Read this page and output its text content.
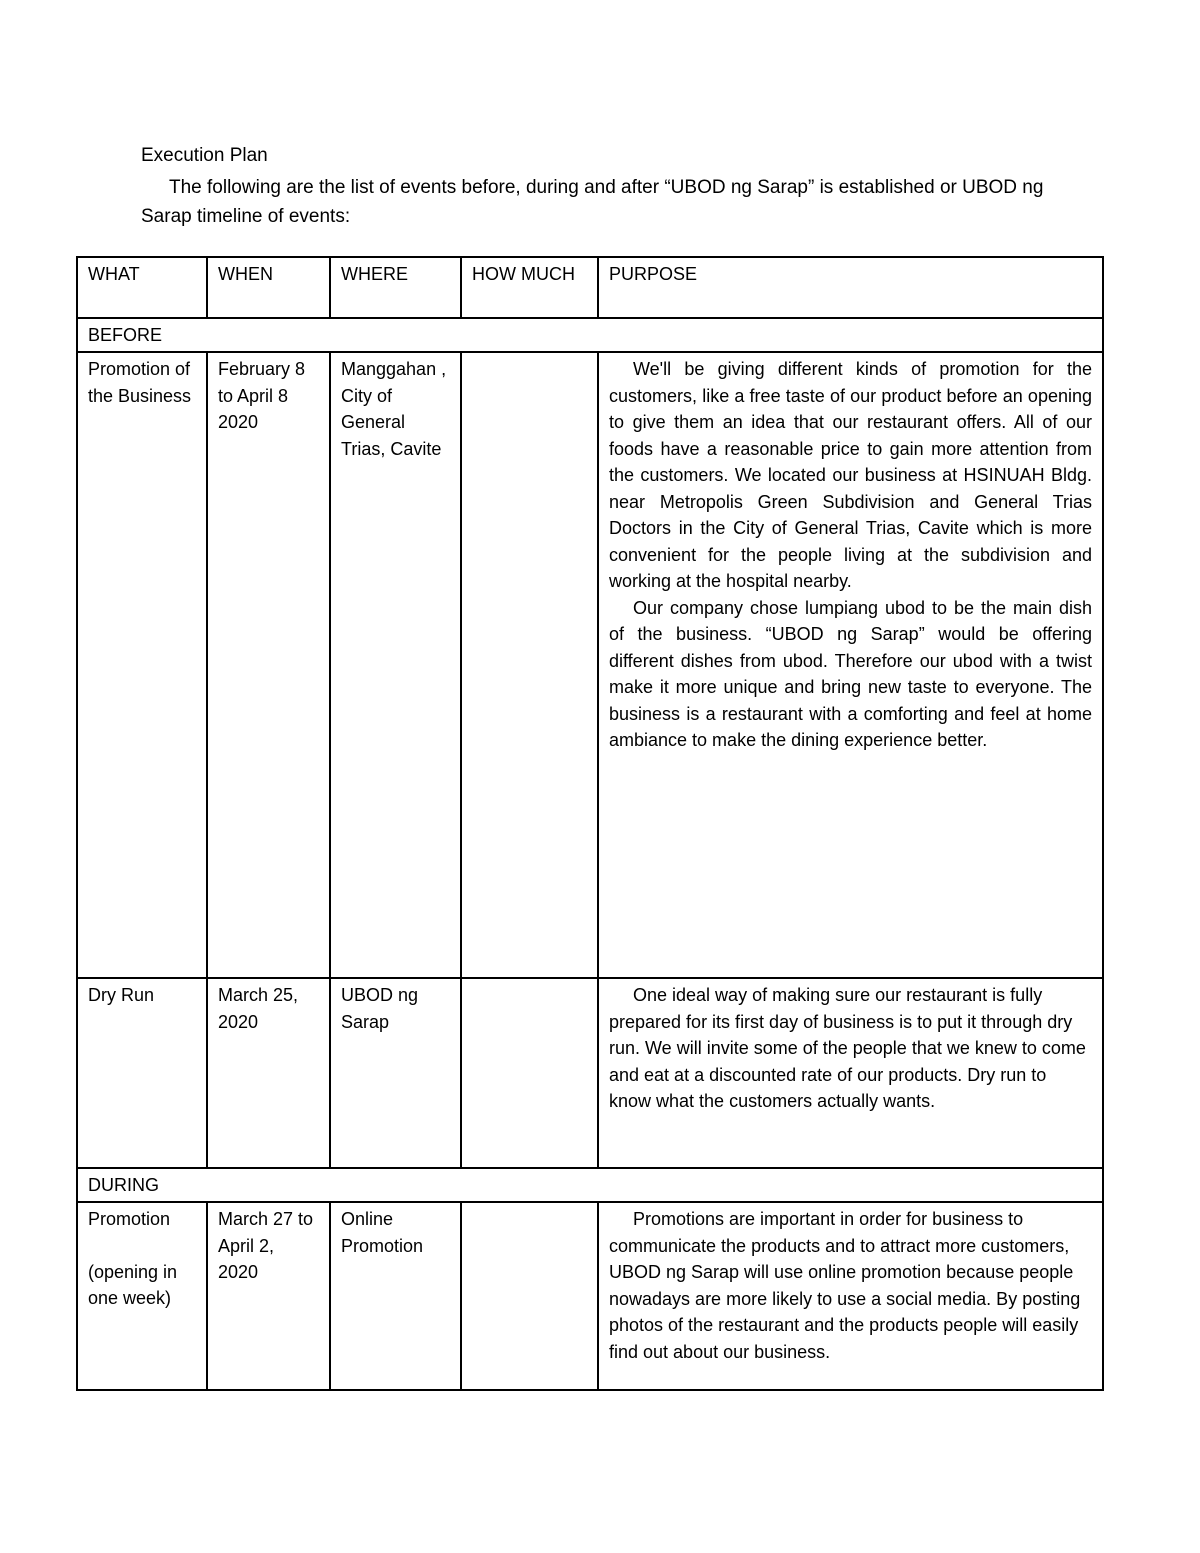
Execution Plan
The following are the list of events before, during and after “UBOD ng Sarap” is established or UBOD ng Sarap timeline of events:
WHAT	WHEN	WHERE	HOW MUCH	PURPOSE
BEFORE				
Promotion of the Business	February 8 to April 8 2020	Manggahan , City of General Trias, Cavite		We'll be giving different kinds of promotion for the customers, like a free taste of our product before an opening to give them an idea that our restaurant offers. All of our foods have a reasonable price to gain more attention from the customers. We located our business at HSINUAH Bldg. near Metropolis Green Subdivision and General Trias Doctors in the City of General Trias, Cavite which is more convenient for the people living at the subdivision and working at the hospital nearby.
Our company chose lumpiang ubod to be the main dish of the business. “UBOD ng Sarap” would be offering different dishes from ubod. Therefore our ubod with a twist make it more unique and bring new taste to everyone. The business is a restaurant with a comforting and feel at home ambiance to make the dining experience better.

Dry Run	March 25, 2020	UBOD ng Sarap		One ideal way of making sure our restaurant is fully prepared for its first day of business is to put it through dry run. We will invite some of the people that we knew to come and eat at a discounted rate of our products. Dry run to know what the customers actually wants.
DURING				
Promotion
(opening in one week)	March 27 to April 2, 2020	Online Promotion		Promotions are important in order for business to communicate the products and to attract more customers, UBOD ng Sarap will use online promotion because people nowadays are more likely to use a social media. By posting photos of the restaurant and the products people will easily find out about our business.
